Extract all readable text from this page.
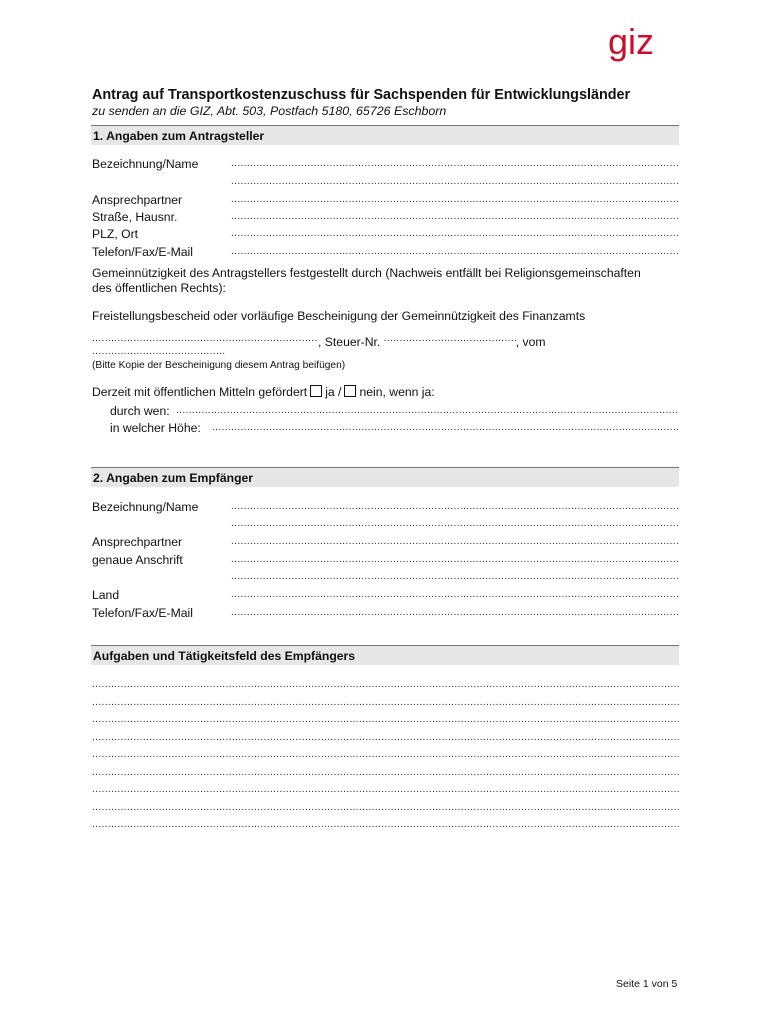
giz
Antrag auf Transportkostenzuschuss für Sachspenden für Entwicklungsländer
zu senden an die GIZ, Abt. 503, Postfach 5180, 65726 Eschborn
1. Angaben zum Antragsteller
Bezeichnung/Name
.....
.....
Ansprechpartner
.....
Straße, Hausnr.
.....
PLZ, Ort
.....
Telefon/Fax/E-Mail
.....
Gemeinnützigkeit des Antragstellers festgestellt durch (Nachweis entfällt bei Religionsgemeinschaften
des öffentlichen Rechts):
Freistellungsbescheid oder vorläufige Bescheinigung der Gemeinnützigkeit des Finanzamts
....., Steuer-Nr. .....	, vom
.....
(Bitte Kopie der Bescheinigung diesem Antrag beifügen)
Derzeit mit öffentlichen Mitteln gefördert ja / nein, wenn ja:
durch wen:
.....
in welcher Höhe:
.....
2. Angaben zum Empfänger
Bezeichnung/Name
.....
.....
Ansprechpartner
.....
genaue Anschrift
.....
.....
Land
.....
Telefon/Fax/E-Mail
.....
Aufgaben und Tätigkeitsfeld des Empfängers
.....
.....
.....
.....
.....
.....
.....
.....
.....
Seite 1 von 5
